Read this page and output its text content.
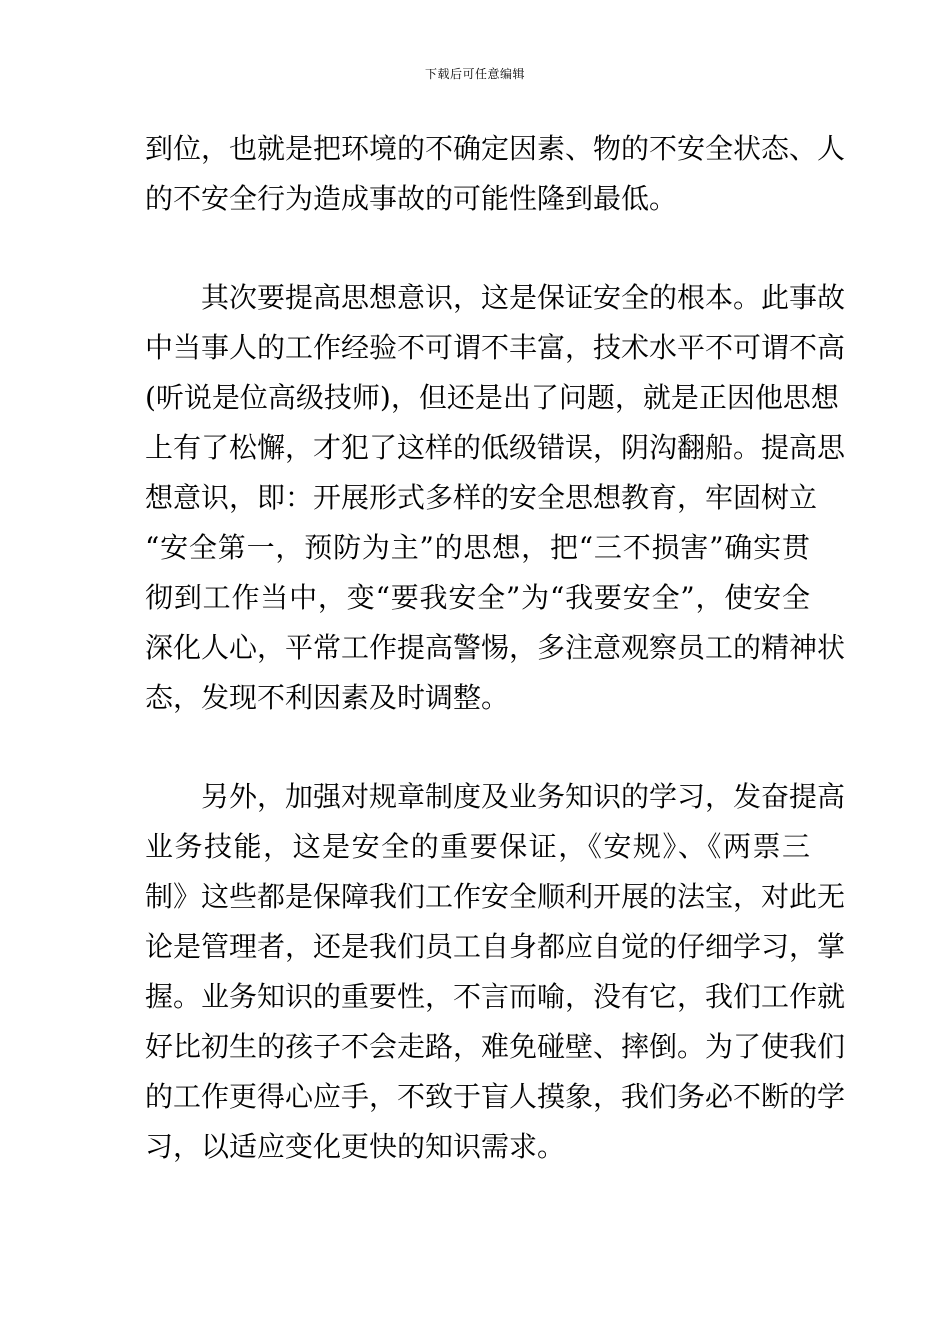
下载后可任意编辑
到位，也就是把环境的不确定因素、物的不安全状态、人
的不安全行为造成事故的可能性隆到最低。
　　其次要提高思想意识，这是保证安全的根本。此事故
中当事人的工作经验不可谓不丰富，技术水平不可谓不高
(听说是位高级技师)，但还是出了问题，就是正因他思想
上有了松懈，才犯了这样的低级错误，阴沟翻船。提高思
想意识，即：开展形式多样的安全思想教育，牢固树立
“安全第一，预防为主”的思想，把“三不损害”确实贯
彻到工作当中，变“要我安全”为“我要安全”，使安全
深化人心，平常工作提高警惕，多注意观察员工的精神状
态，发现不利因素及时调整。
　　另外，加强对规章制度及业务知识的学习，发奋提高
业务技能，这是安全的重要保证，《安规》、《两票三
制》这些都是保障我们工作安全顺利开展的法宝，对此无
论是管理者，还是我们员工自身都应自觉的仔细学习，掌
握。业务知识的重要性，不言而喻，没有它，我们工作就
好比初生的孩子不会走路，难免碰壁、摔倒。为了使我们
的工作更得心应手，不致于盲人摸象，我们务必不断的学
习，以适应变化更快的知识需求。
